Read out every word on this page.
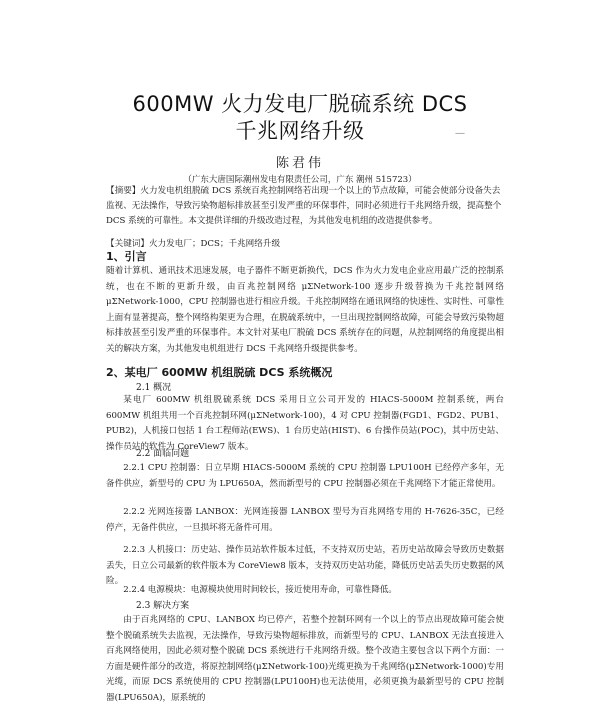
600MW 火力发电厂脱硫系统 DCS
千兆网络升级	—
陈君伟
（广东大唐国际潮州发电有限责任公司，广东 潮州 515723）
【摘要】火力发电机组脱硫 DCS 系统百兆控制网络若出现一个以上的节点故障，可能会使部分设备失去监视、无法操作，导致污染物超标排放甚至引发严重的环保事件，同时必须进行千兆网络升级，提高整个 DCS 系统的可靠性。本文提供详细的升级改造过程，为其他发电机组的改造提供参考。
【关键词】火力发电厂；DCS；千兆网络升级
1、引言
随着计算机、通讯技术迅速发展，电子器件不断更新换代，DCS 作为火力发电企业应用最广泛的控制系统，也在不断的更新升级，由百兆控制网络 μΣNetwork-100 逐步升级替换为千兆控制网络 μΣNetwork-1000，CPU 控制器也进行相应升级。千兆控制网络在通讯网络的快速性、实时性、可靠性上面有显著提高，整个网络构架更为合理，在脱硫系统中，一旦出现控制网络故障，可能会导致污染物超标排放甚至引发严重的环保事件。本文针对某电厂脱硫 DCS 系统存在的问题，从控制网络的角度提出相关的解决方案，为其他发电机组进行 DCS 千兆网络升级提供参考。
2、某电厂 600MW 机组脱硫 DCS 系统概况
2.1 概况
某电厂 600MW 机组脱硫系统 DCS 采用日立公司开发的 HIACS-5000M 控制系统，两台 600MW 机组共用一个百兆控制环网(μΣNetwork-100)，4 对 CPU 控制器(FGD1、FGD2、PUB1、PUB2)，人机接口包括 1 台工程师站(EWS)、1 台历史站(HIST)、6 台操作员站(POC)，其中历史站、操作员站的软件为 CoreView7 版本。
2.2 面临问题
2.2.1 CPU 控制器：日立早期 HIACS-5000M 系统的 CPU 控制器 LPU100H 已经停产多年，无备件供应，新型号的 CPU 为 LPU650A，然而新型号的 CPU 控制器必须在千兆网络下才能正常使用。
2.2.2 光网连接器 LANBOX：光网连接器 LANBOX 型号为百兆网络专用的 H-7626-35C，已经停产，无备件供应，一旦损坏将无备件可用。
2.2.3 人机接口：历史站、操作员站软件版本过低，不支持双历史站，若历史站故障会导致历史数据丢失，日立公司最新的软件版本为 CoreView8 版本，支持双历史站功能，降低历史站丢失历史数据的风险。
2.2.4 电源模块：电源模块使用时间较长，接近使用寿命，可靠性降低。
2.3 解决方案
由于百兆网络的 CPU、LANBOX 均已停产，若整个控制环网有一个以上的节点出现故障可能会使整个脱硫系统失去监视，无法操作，导致污染物超标排放，而新型号的 CPU、LANBOX 无法直接进入百兆网络使用，因此必须对整个脱硫 DCS 系统进行千兆网络升级。整个改造主要包含以下两个方面：一方面是硬件部分的改造，将原控制网络(μΣNetwork-100)光缆更换为千兆网络(μΣNetwork-1000)专用光缆，而原 DCS 系统使用的 CPU 控制器(LPU100H)也无法使用，必须更换为最新型号的 CPU 控制器(LPU650A)，原系统的
